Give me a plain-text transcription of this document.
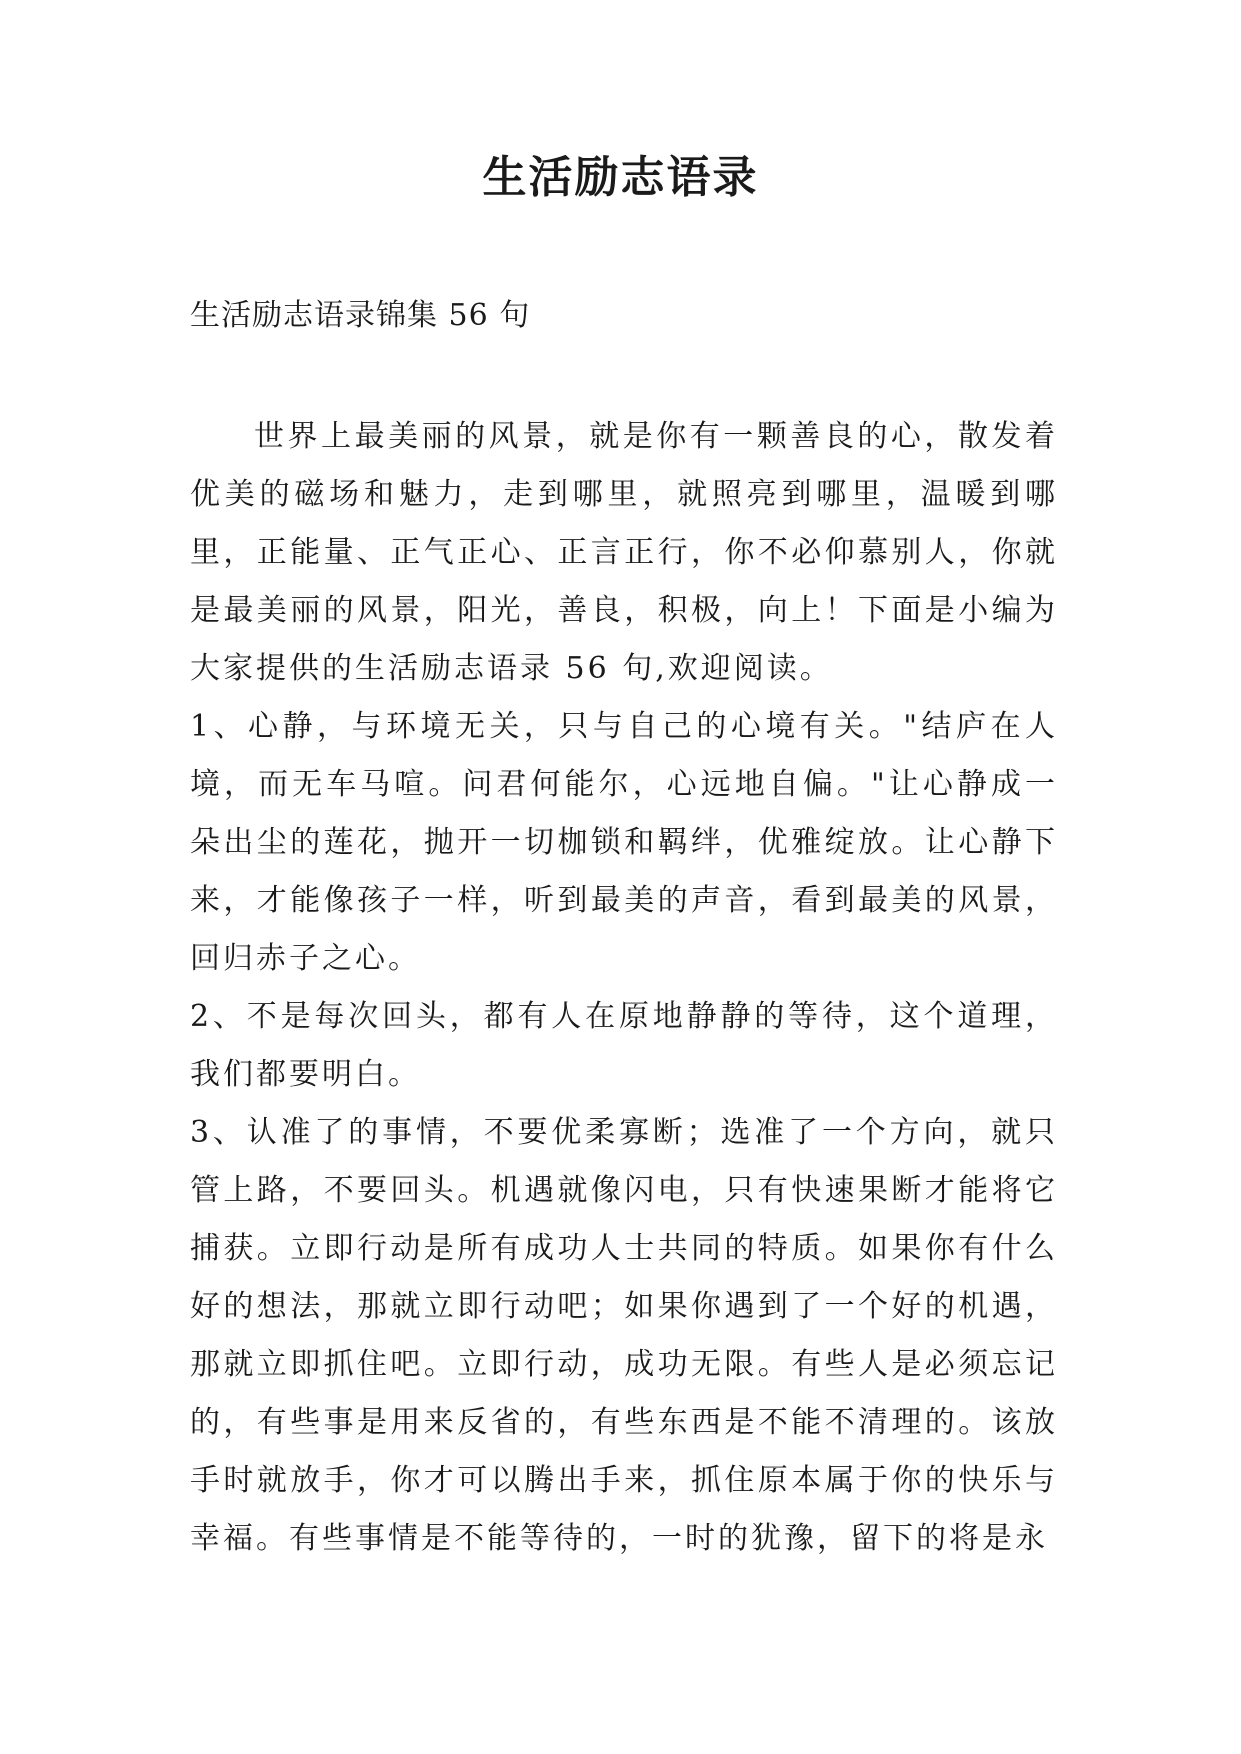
生活励志语录

生活励志语录锦集 56 句

世界上最美丽的风景，就是你有一颗善良的心，散发着优美的磁场和魅力，走到哪里，就照亮到哪里，温暖到哪里，正能量、正气正心、正言正行，你不必仰慕别人，你就是最美丽的风景，阳光，善良，积极，向上！下面是小编为大家提供的生活励志语录 56 句,欢迎阅读。

1、心静，与环境无关，只与自己的心境有关。"结庐在人境，而无车马喧。问君何能尔，心远地自偏。"让心静成一朵出尘的莲花，抛开一切枷锁和羁绊，优雅绽放。让心静下来，才能像孩子一样，听到最美的声音，看到最美的风景，回归赤子之心。

2、不是每次回头，都有人在原地静静的等待，这个道理，我们都要明白。

3、认准了的事情，不要优柔寡断；选准了一个方向，就只管上路，不要回头。机遇就像闪电，只有快速果断才能将它捕获。立即行动是所有成功人士共同的特质。如果你有什么好的想法，那就立即行动吧；如果你遇到了一个好的机遇，那就立即抓住吧。立即行动，成功无限。有些人是必须忘记的，有些事是用来反省的，有些东西是不能不清理的。该放手时就放手，你才可以腾出手来，抓住原本属于你的快乐与幸福。有些事情是不能等待的，一时的犹豫，留下的将是永
